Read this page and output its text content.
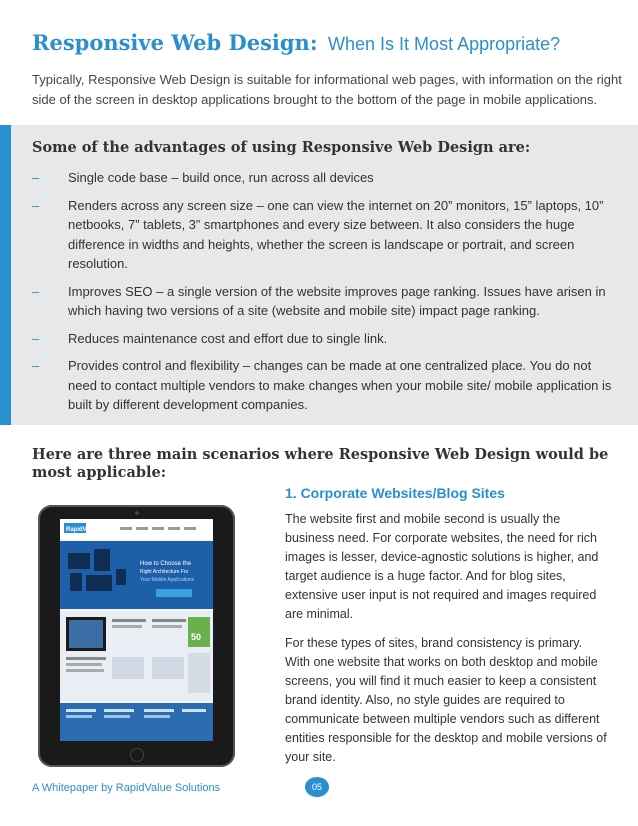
Responsive Web Design: When Is It Most Appropriate?

Typically, Responsive Web Design is suitable for informational web pages, with information on the right side of the screen in desktop applications brought to the bottom of the page in mobile applications.

Some of the advantages of using Responsive Web Design are:
– Single code base – build once, run across all devices
– Renders across any screen size – one can view the internet on 20” monitors, 15” laptops, 10” netbooks, 7” tablets, 3” smartphones and every size between. It also considers the huge difference in widths and heights, whether the screen is landscape or portrait, and screen resolution.
– Improves SEO – a single version of the website improves page ranking. Issues have arisen in which having two versions of a site (website and mobile site) impact page ranking.
– Reduces maintenance cost and effort due to single link.
– Provides control and flexibility – changes can be made at one centralized place. You do not need to contact multiple vendors to make changes when your mobile site/ mobile application is built by different development companies.
Here are three main scenarios where Responsive Web Design would be most applicable:
RapidValue
How to Choose the
Right Architecture For
Your Mobile Applications
50
1. Corporate Websites/Blog Sites

The website first and mobile second is usually the business need. For corporate websites, the need for rich images is lesser, device-agnostic solutions is higher, and target audience is a huge factor. And for blog sites, extensive user input is not required and images required are minimal.

For these types of sites, brand consistency is primary. With one website that works on both desktop and mobile screens, you will find it much easier to keep a consistent brand identity. Also, no style guides are required to communicate between multiple vendors such as different entities responsible for the desktop and mobile versions of your site.

A Whitepaper by RapidValue Solutions	05
